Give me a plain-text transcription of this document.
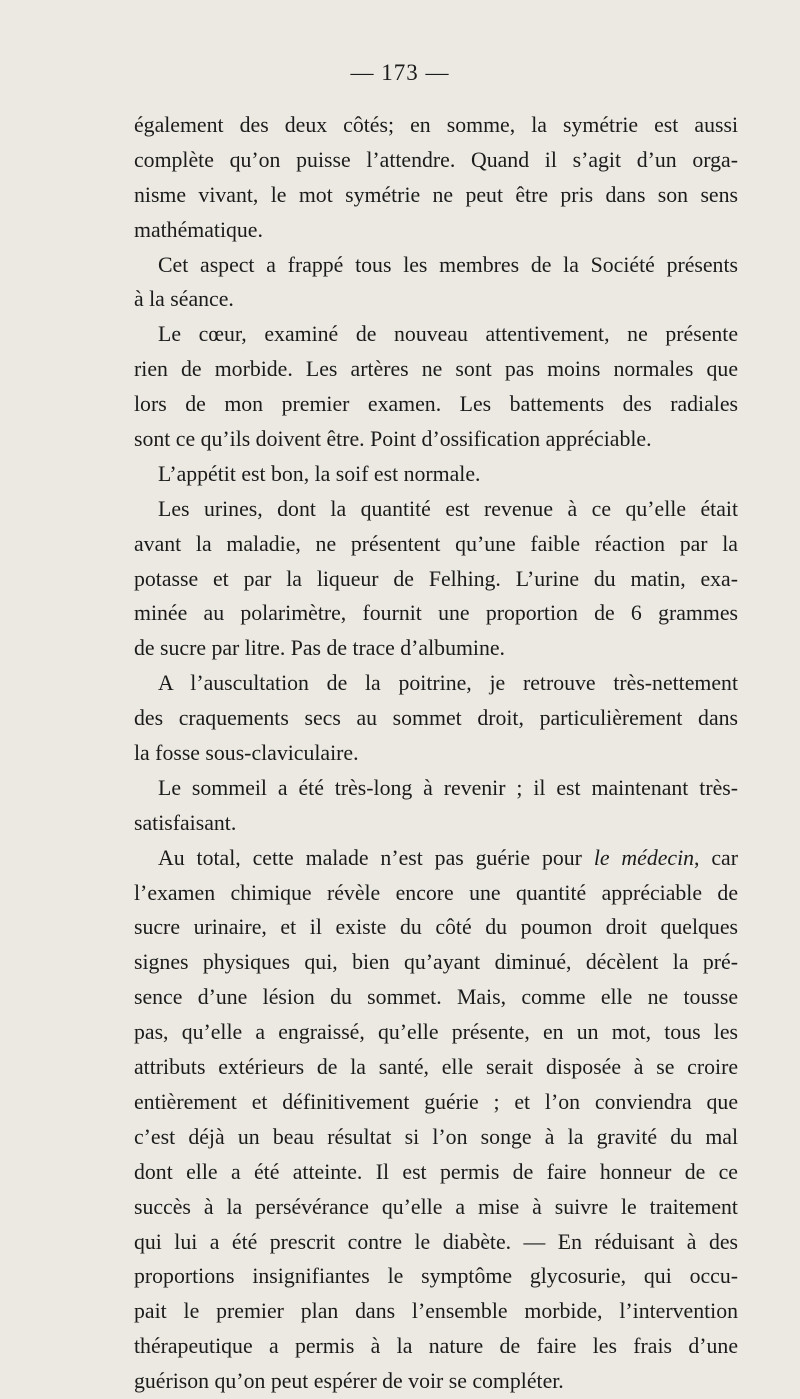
— 173 —
également des deux côtés; en somme, la symétrie est aussi
complète qu’on puisse l’attendre. Quand il s’agit d’un orga-
nisme vivant, le mot symétrie ne peut être pris dans son sens
mathématique.
Cet aspect a frappé tous les membres de la Société présents
à la séance.
Le cœur, examiné de nouveau attentivement, ne présente
rien de morbide. Les artères ne sont pas moins normales que
lors de mon premier examen. Les battements des radiales
sont ce qu’ils doivent être. Point d’ossification appréciable.
L’appétit est bon, la soif est normale.
Les urines, dont la quantité est revenue à ce qu’elle était
avant la maladie, ne présentent qu’une faible réaction par la
potasse et par la liqueur de Felhing. L’urine du matin, exa-
minée au polarimètre, fournit une proportion de 6 grammes
de sucre par litre. Pas de trace d’albumine.
A l’auscultation de la poitrine, je retrouve très-nettement
des craquements secs au sommet droit, particulièrement dans
la fosse sous-claviculaire.
Le sommeil a été très-long à revenir ; il est maintenant très-
satisfaisant.
Au total, cette malade n’est pas guérie pour le médecin, car
l’examen chimique révèle encore une quantité appréciable de
sucre urinaire, et il existe du côté du poumon droit quelques
signes physiques qui, bien qu’ayant diminué, décèlent la pré-
sence d’une lésion du sommet. Mais, comme elle ne tousse
pas, qu’elle a engraissé, qu’elle présente, en un mot, tous les
attributs extérieurs de la santé, elle serait disposée à se croire
entièrement et définitivement guérie ; et l’on conviendra que
c’est déjà un beau résultat si l’on songe à la gravité du mal
dont elle a été atteinte. Il est permis de faire honneur de ce
succès à la persévérance qu’elle a mise à suivre le traitement
qui lui a été prescrit contre le diabète. — En réduisant à des
proportions insignifiantes le symptôme glycosurie, qui occu-
pait le premier plan dans l’ensemble morbide, l’intervention
thérapeutique a permis à la nature de faire les frais d’une
guérison qu’on peut espérer de voir se compléter.
